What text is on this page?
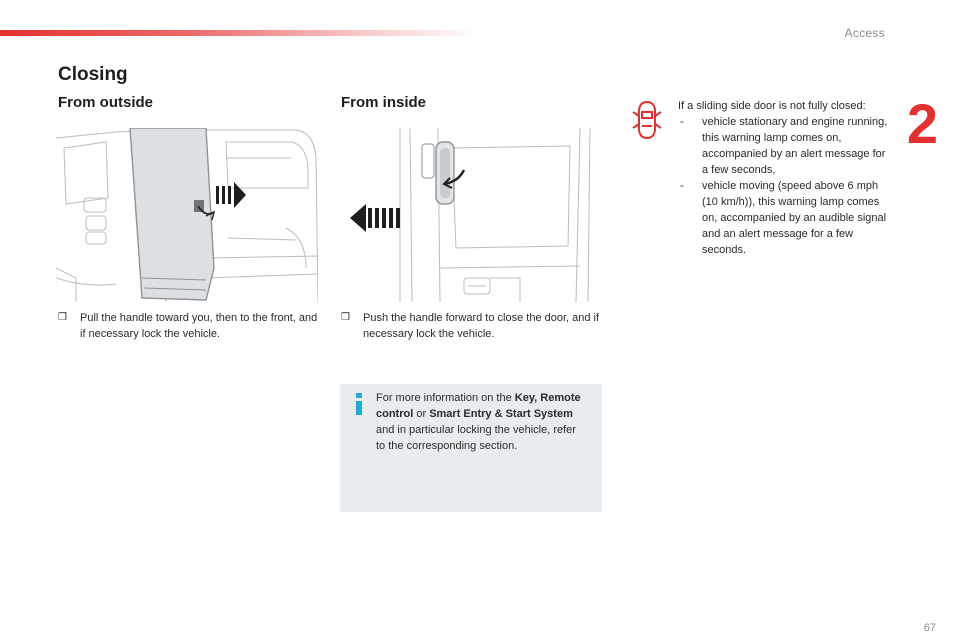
Access
2
Closing
From outside	From inside
❒	Pull the handle toward you, then to the front, and if necessary lock the vehicle.
❒	Push the handle forward to close the door, and if necessary lock the vehicle.
If a sliding side door is not fully closed:
- vehicle stationary and engine running, this warning lamp comes on, accompanied by an alert message for a few seconds,
- vehicle moving (speed above 6 mph (10 km/h)), this warning lamp comes on, accompanied by an audible signal and an alert message for a few seconds.
For more information on the Key, Remote control or Smart Entry & Start System and in particular locking the vehicle, refer to the corresponding section.
67
